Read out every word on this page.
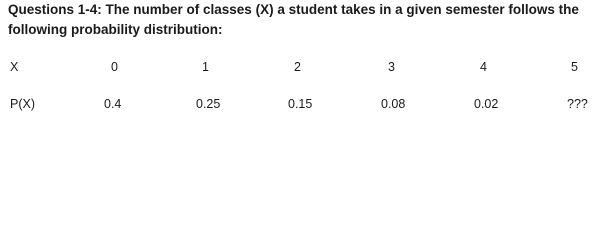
Questions 1-4: The number of classes (X) a student takes in a given semester follows the following probability distribution:

X	0	1	2	3	4	5
P(X)	0.4	0.25	0.15	0.08	0.02	???
